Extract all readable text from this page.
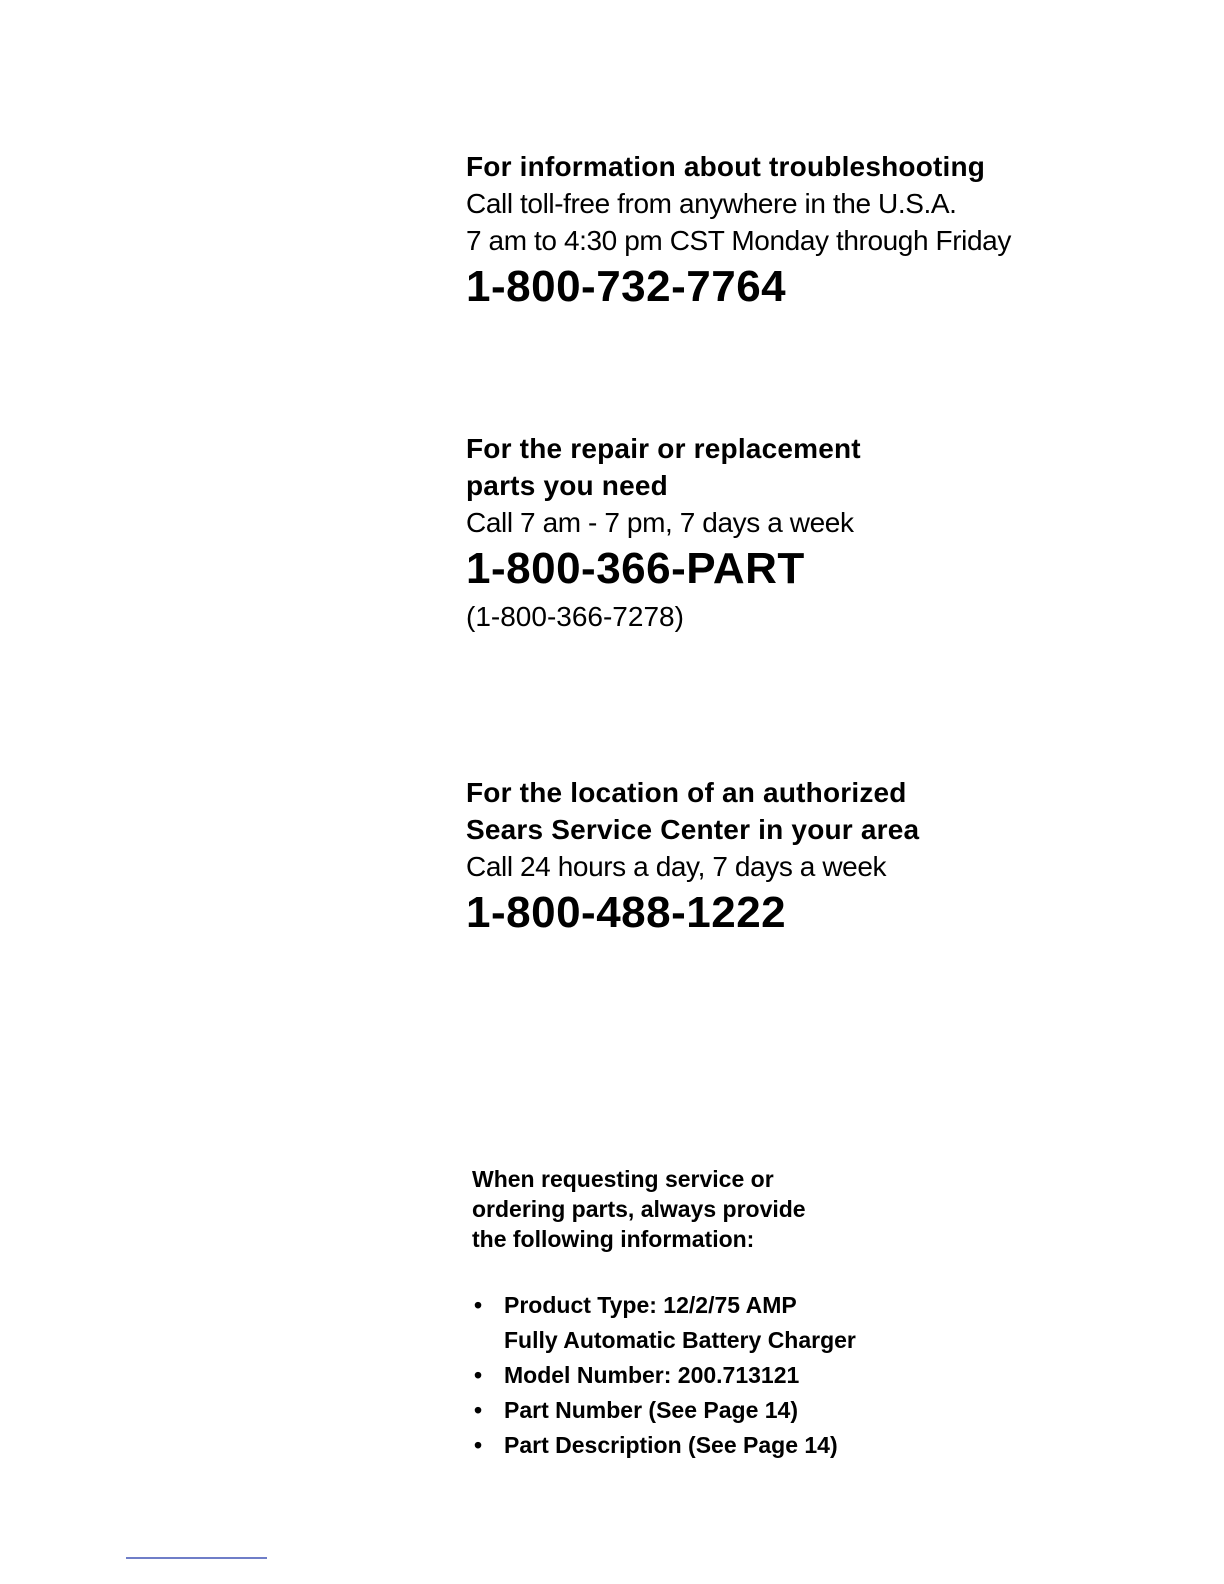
For information about troubleshooting
Call toll-free from anywhere in the U.S.A.
7 am to 4:30 pm CST Monday through Friday
1-800-732-7764
For the repair or replacement
parts you need
Call 7 am - 7 pm, 7 days a week
1-800-366-PART
(1-800-366-7278)
For the location of an authorized
Sears Service Center in your area
Call 24 hours a day, 7 days a week
1-800-488-1222
When requesting service or
ordering parts, always provide
the following information:
• Product Type: 12/2/75 AMP
Fully Automatic Battery Charger
• Model Number: 200.713121
• Part Number (See Page 14)
• Part Description (See Page 14)
